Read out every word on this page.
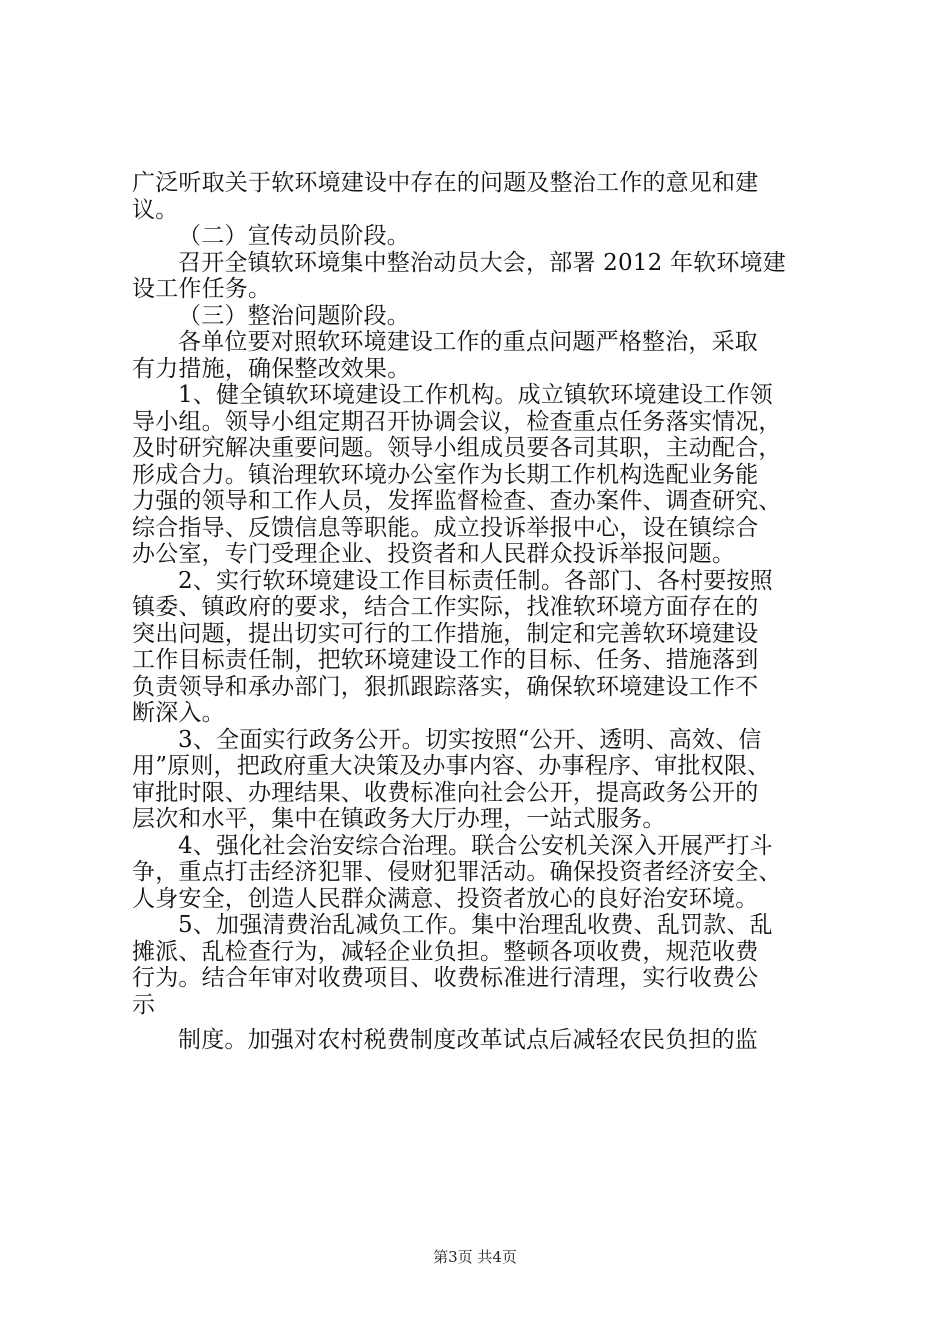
广泛听取关于软环境建设中存在的问题及整治工作的意见和建
议。
（二）宣传动员阶段。
召开全镇软环境集中整治动员大会，部署 2012 年软环境建
设工作任务。
（三）整治问题阶段。
各单位要对照软环境建设工作的重点问题严格整治，采取
有力措施，确保整改效果。
1、健全镇软环境建设工作机构。成立镇软环境建设工作领
导小组。领导小组定期召开协调会议，检查重点任务落实情况，
及时研究解决重要问题。领导小组成员要各司其职，主动配合，
形成合力。镇治理软环境办公室作为长期工作机构选配业务能
力强的领导和工作人员，发挥监督检查、查办案件、调查研究、
综合指导、反馈信息等职能。成立投诉举报中心，设在镇综合
办公室，专门受理企业、投资者和人民群众投诉举报问题。
2、实行软环境建设工作目标责任制。各部门、各村要按照
镇委、镇政府的要求，结合工作实际，找准软环境方面存在的
突出问题，提出切实可行的工作措施，制定和完善软环境建设
工作目标责任制，把软环境建设工作的目标、任务、措施落到
负责领导和承办部门，狠抓跟踪落实，确保软环境建设工作不
断深入。
3、全面实行政务公开。切实按照“公开、透明、高效、信
用”原则，把政府重大决策及办事内容、办事程序、审批权限、
审批时限、办理结果、收费标准向社会公开，提高政务公开的
层次和水平，集中在镇政务大厅办理，一站式服务。
4、强化社会治安综合治理。联合公安机关深入开展严打斗
争，重点打击经济犯罪、侵财犯罪活动。确保投资者经济安全、
人身安全，创造人民群众满意、投资者放心的良好治安环境。
5、加强清费治乱减负工作。集中治理乱收费、乱罚款、乱
摊派、乱检查行为，减轻企业负担。整顿各项收费，规范收费
行为。结合年审对收费项目、收费标准进行清理，实行收费公
示
制度。加强对农村税费制度改革试点后减轻农民负担的监
第3页 共4页
